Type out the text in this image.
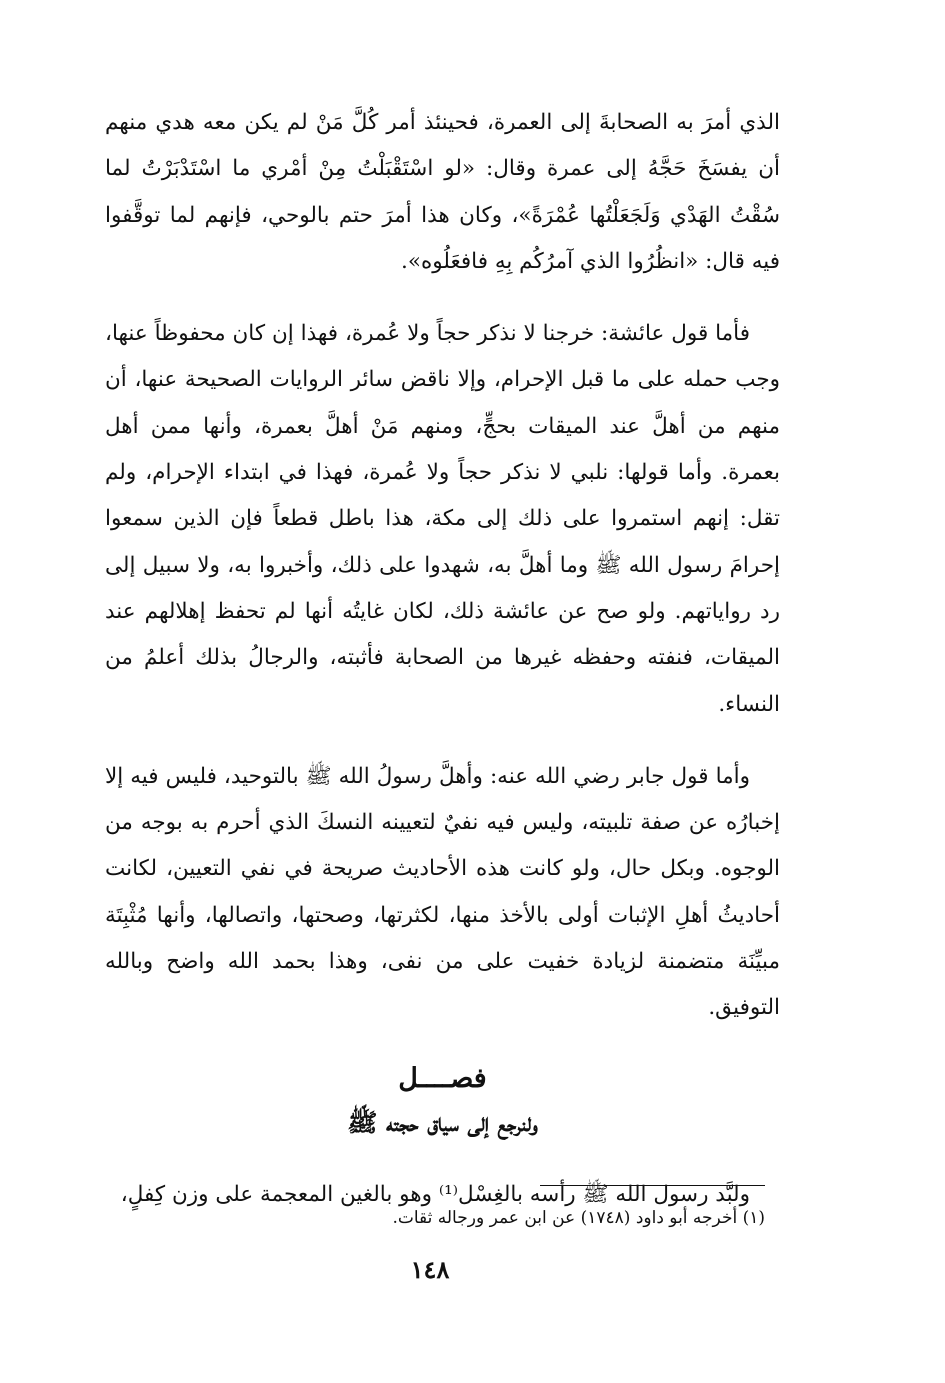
الذي أمرَ به الصحابةَ إلى العمرة، فحينئذ أمر كُلَّ مَنْ لم يكن معه هدي منهم أن يفسَخَ حَجَّهُ إلى عمرة وقال: «لو اسْتَقْبَلْتُ مِنْ أمْري ما اسْتَدْبَرْتُ لما سُقْتُ الهَدْي وَلَجَعَلْتُها عُمْرَةً»، وكان هذا أمرَ حتم بالوحي، فإنهم لما توقَّفوا فيه قال: «انظُرُوا الذي آمرُكُم بِهِ فافعَلُوه».

فأما قول عائشة: خرجنا لا نذكر حجاً ولا عُمرة، فهذا إن كان محفوظاً عنها، وجب حمله على ما قبل الإحرام، وإلا ناقض سائر الروايات الصحيحة عنها، أن منهم من أهلَّ عند الميقات بحجٍّ، ومنهم مَنْ أهلَّ بعمرة، وأنها ممن أهل بعمرة. وأما قولها: نلبي لا نذكر حجاً ولا عُمرة، فهذا في ابتداء الإحرام، ولم تقل: إنهم استمروا على ذلك إلى مكة، هذا باطل قطعاً فإن الذين سمعوا إحرامَ رسول الله ﷺ وما أهلَّ به، شهدوا على ذلك، وأخبروا به، ولا سبيل إلى رد رواياتهم. ولو صح عن عائشة ذلك، لكان غايتُه أنها لم تحفظ إهلالهم عند الميقات، فنفته وحفظه غيرها من الصحابة فأثبته، والرجالُ بذلك أعلمُ من النساء.

وأما قول جابر رضي الله عنه: وأهلَّ رسولُ الله ﷺ بالتوحيد، فليس فيه إلا إخبارُه عن صفة تلبيته، وليس فيه نفيٌ لتعيينه النسكَ الذي أحرم به بوجه من الوجوه. وبكل حال، ولو كانت هذه الأحاديث صريحة في نفي التعيين، لكانت أحاديثُ أهلِ الإثبات أولى بالأخذ منها، لكثرتها، وصحتها، واتصالها، وأنها مُثْبِتَة مبيِّنَة متضمنة لزيادة خفيت على من نفى، وهذا بحمد الله واضح وبالله التوفيق.

فصــــل
ولنرجع إلى سياق حجته ﷺ

ولبَّد رسول الله ﷺ رأسه بالغِسْل⁽¹⁾ وهو بالغين المعجمة على وزن كِفلٍ،

(١) أخرجه أبو داود (١٧٤٨) عن ابن عمر ورجاله ثقات.
١٤٨
